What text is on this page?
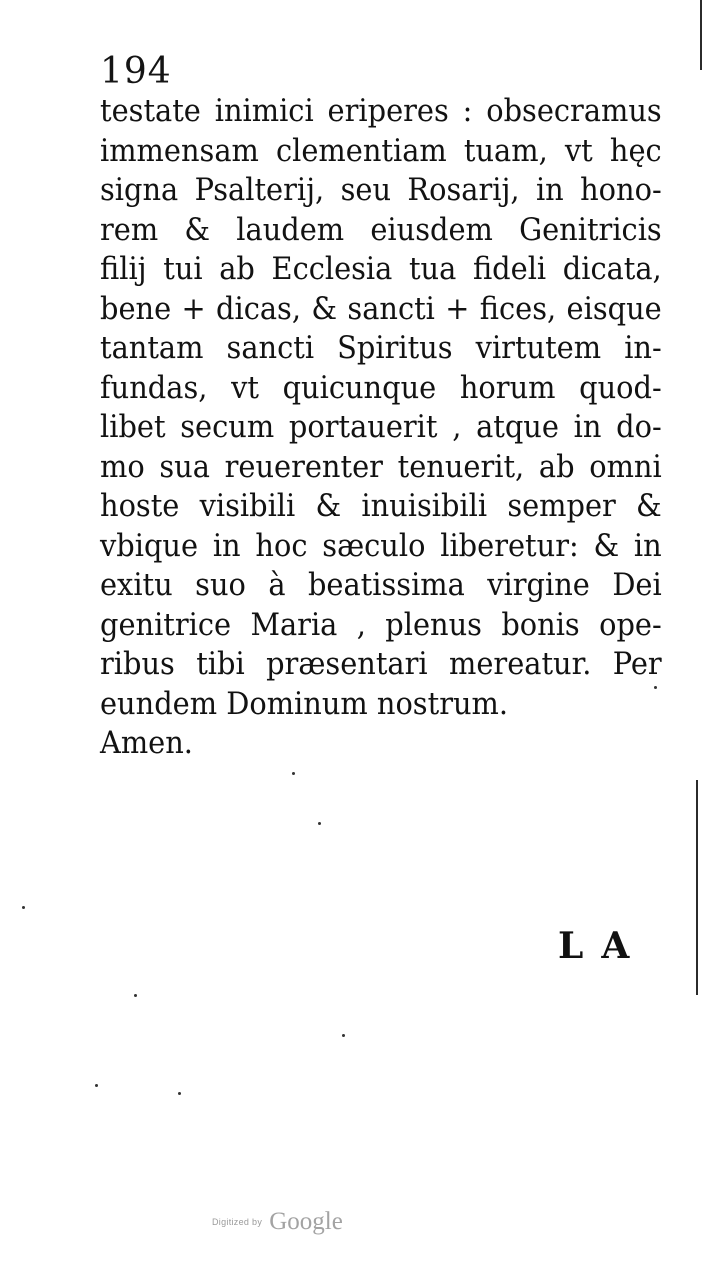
194
testate inimici eriperes : obsecramus
immensam clementiam tuam, vt hęc
signa Psalterij, seu Rosarij, in hono-
rem & laudem eiusdem Genitricis
filij tui ab Ecclesia tua fideli dicata,
bene + dicas, & sancti + fices, eisque
tantam sancti Spiritus virtutem in-
fundas, vt quicunque horum quod-
libet secum portauerit , atque in do-
mo sua reuerenter tenuerit, ab omni
hoste visibili & inuisibili semper &
vbique in hoc sæculo liberetur: & in
exitu suo à beatissima virgine Dei
genitrice Maria , plenus bonis ope-
ribus tibi præsentari mereatur. Per
eundem Dominum nostrum.
Amen.
LA
Digitized by Google
